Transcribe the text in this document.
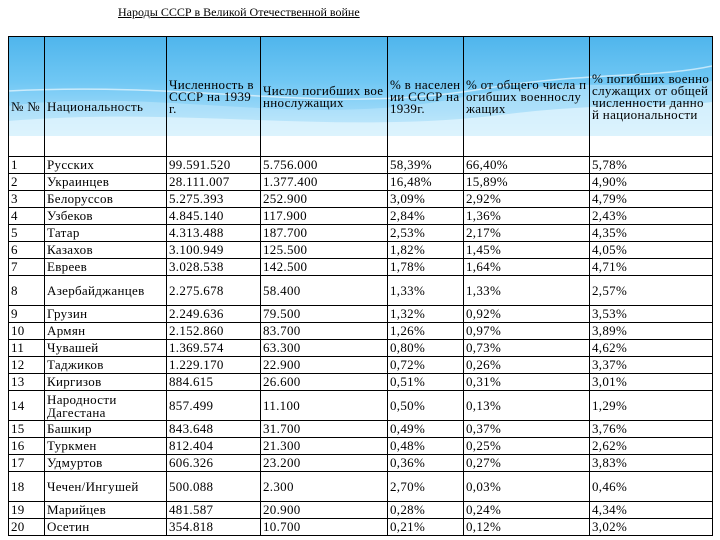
Народы СССР в Великой Отечественной войне
№ №	Национальность	Численность в СССР на 1939г.	Число погибших военнослужащих	% в населении СССР на 1939г.	% от общего числа погибших военнослужащих	% погибших военнослужащих от общей численности данной национальности
1	Русских	99.591.520	5.756.000	58,39%	66,40%	5,78%
2	Украинцев	28.111.007	1.377.400	16,48%	15,89%	4,90%
3	Белоруссов	5.275.393	252.900	3,09%	2,92%	4,79%
4	Узбеков	4.845.140	117.900	2,84%	1,36%	2,43%
5	Татар	4.313.488	187.700	2,53%	2,17%	4,35%
6	Казахов	3.100.949	125.500	1,82%	1,45%	4,05%
7	Евреев	3.028.538	142.500	1,78%	1,64%	4,71%
8	Азербайджанцев	2.275.678	58.400	1,33%	1,33%	2,57%
9	Грузин	2.249.636	79.500	1,32%	0,92%	3,53%
10	Армян	2.152.860	83.700	1,26%	0,97%	3,89%
11	Чувашей	1.369.574	63.300	0,80%	0,73%	4,62%
12	Таджиков	1.229.170	22.900	0,72%	0,26%	3,37%
13	Киргизов	884.615	26.600	0,51%	0,31%	3,01%
14	Народности Дагестана	857.499	11.100	0,50%	0,13%	1,29%
15	Башкир	843.648	31.700	0,49%	0,37%	3,76%
16	Туркмен	812.404	21.300	0,48%	0,25%	2,62%
17	Удмуртов	606.326	23.200	0,36%	0,27%	3,83%
18	Чечен/Ингушей	500.088	2.300	2,70%	0,03%	0,46%
19	Марийцев	481.587	20.900	0,28%	0,24%	4,34%
20	Осетин	354.818	10.700	0,21%	0,12%	3,02%
